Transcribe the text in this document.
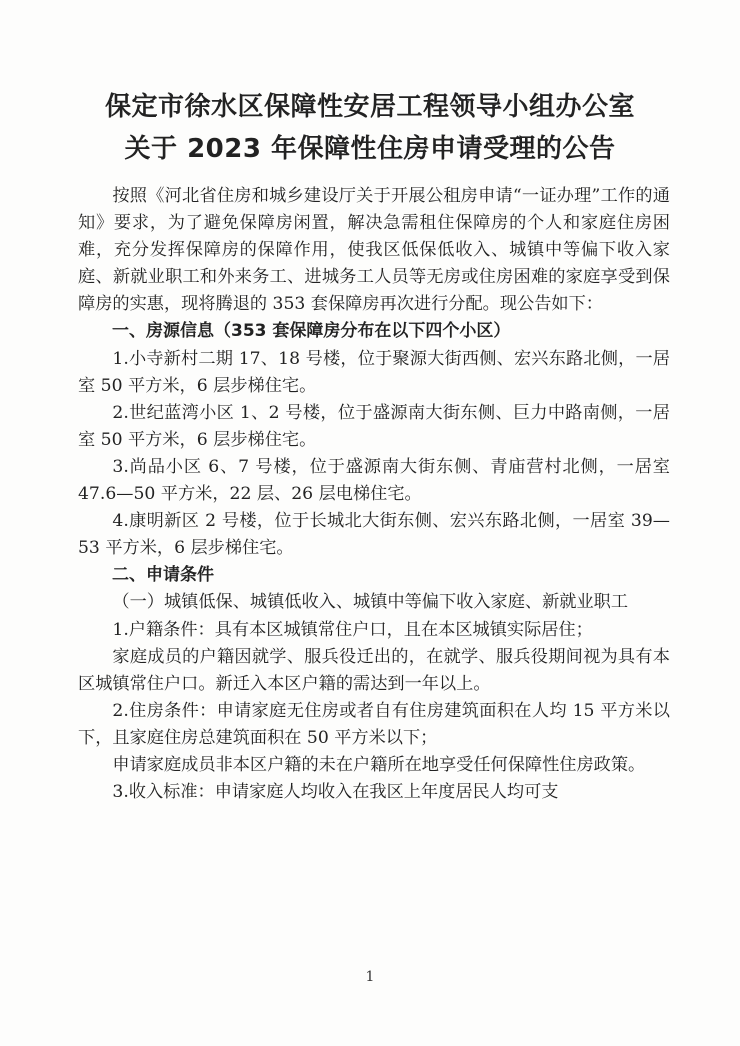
保定市徐水区保障性安居工程领导小组办公室
关于 2023 年保障性住房申请受理的公告

按照《河北省住房和城乡建设厅关于开展公租房申请“一证办理”工作的通知》要求，为了避免保障房闲置，解决急需租住保障房的个人和家庭住房困难，充分发挥保障房的保障作用，使我区低保低收入、城镇中等偏下收入家庭、新就业职工和外来务工、进城务工人员等无房或住房困难的家庭享受到保障房的实惠，现将腾退的 353 套保障房再次进行分配。现公告如下：

一、房源信息（353 套保障房分布在以下四个小区）

1.小寺新村二期 17、18 号楼，位于聚源大街西侧、宏兴东路北侧，一居室 50 平方米，6 层步梯住宅。

2.世纪蓝湾小区 1、2 号楼，位于盛源南大街东侧、巨力中路南侧，一居室 50 平方米，6 层步梯住宅。

3.尚品小区 6、7 号楼，位于盛源南大街东侧、青庙营村北侧，一居室 47.6—50 平方米，22 层、26 层电梯住宅。

4.康明新区 2 号楼，位于长城北大街东侧、宏兴东路北侧，一居室 39—53 平方米，6 层步梯住宅。

二、申请条件

（一）城镇低保、城镇低收入、城镇中等偏下收入家庭、新就业职工

1.户籍条件：具有本区城镇常住户口，且在本区城镇实际居住；

家庭成员的户籍因就学、服兵役迁出的，在就学、服兵役期间视为具有本区城镇常住户口。新迁入本区户籍的需达到一年以上。

2.住房条件：申请家庭无住房或者自有住房建筑面积在人均 15 平方米以下，且家庭住房总建筑面积在 50 平方米以下；

申请家庭成员非本区户籍的未在户籍所在地享受任何保障性住房政策。

3.收入标准：申请家庭人均收入在我区上年度居民人均可支

1
